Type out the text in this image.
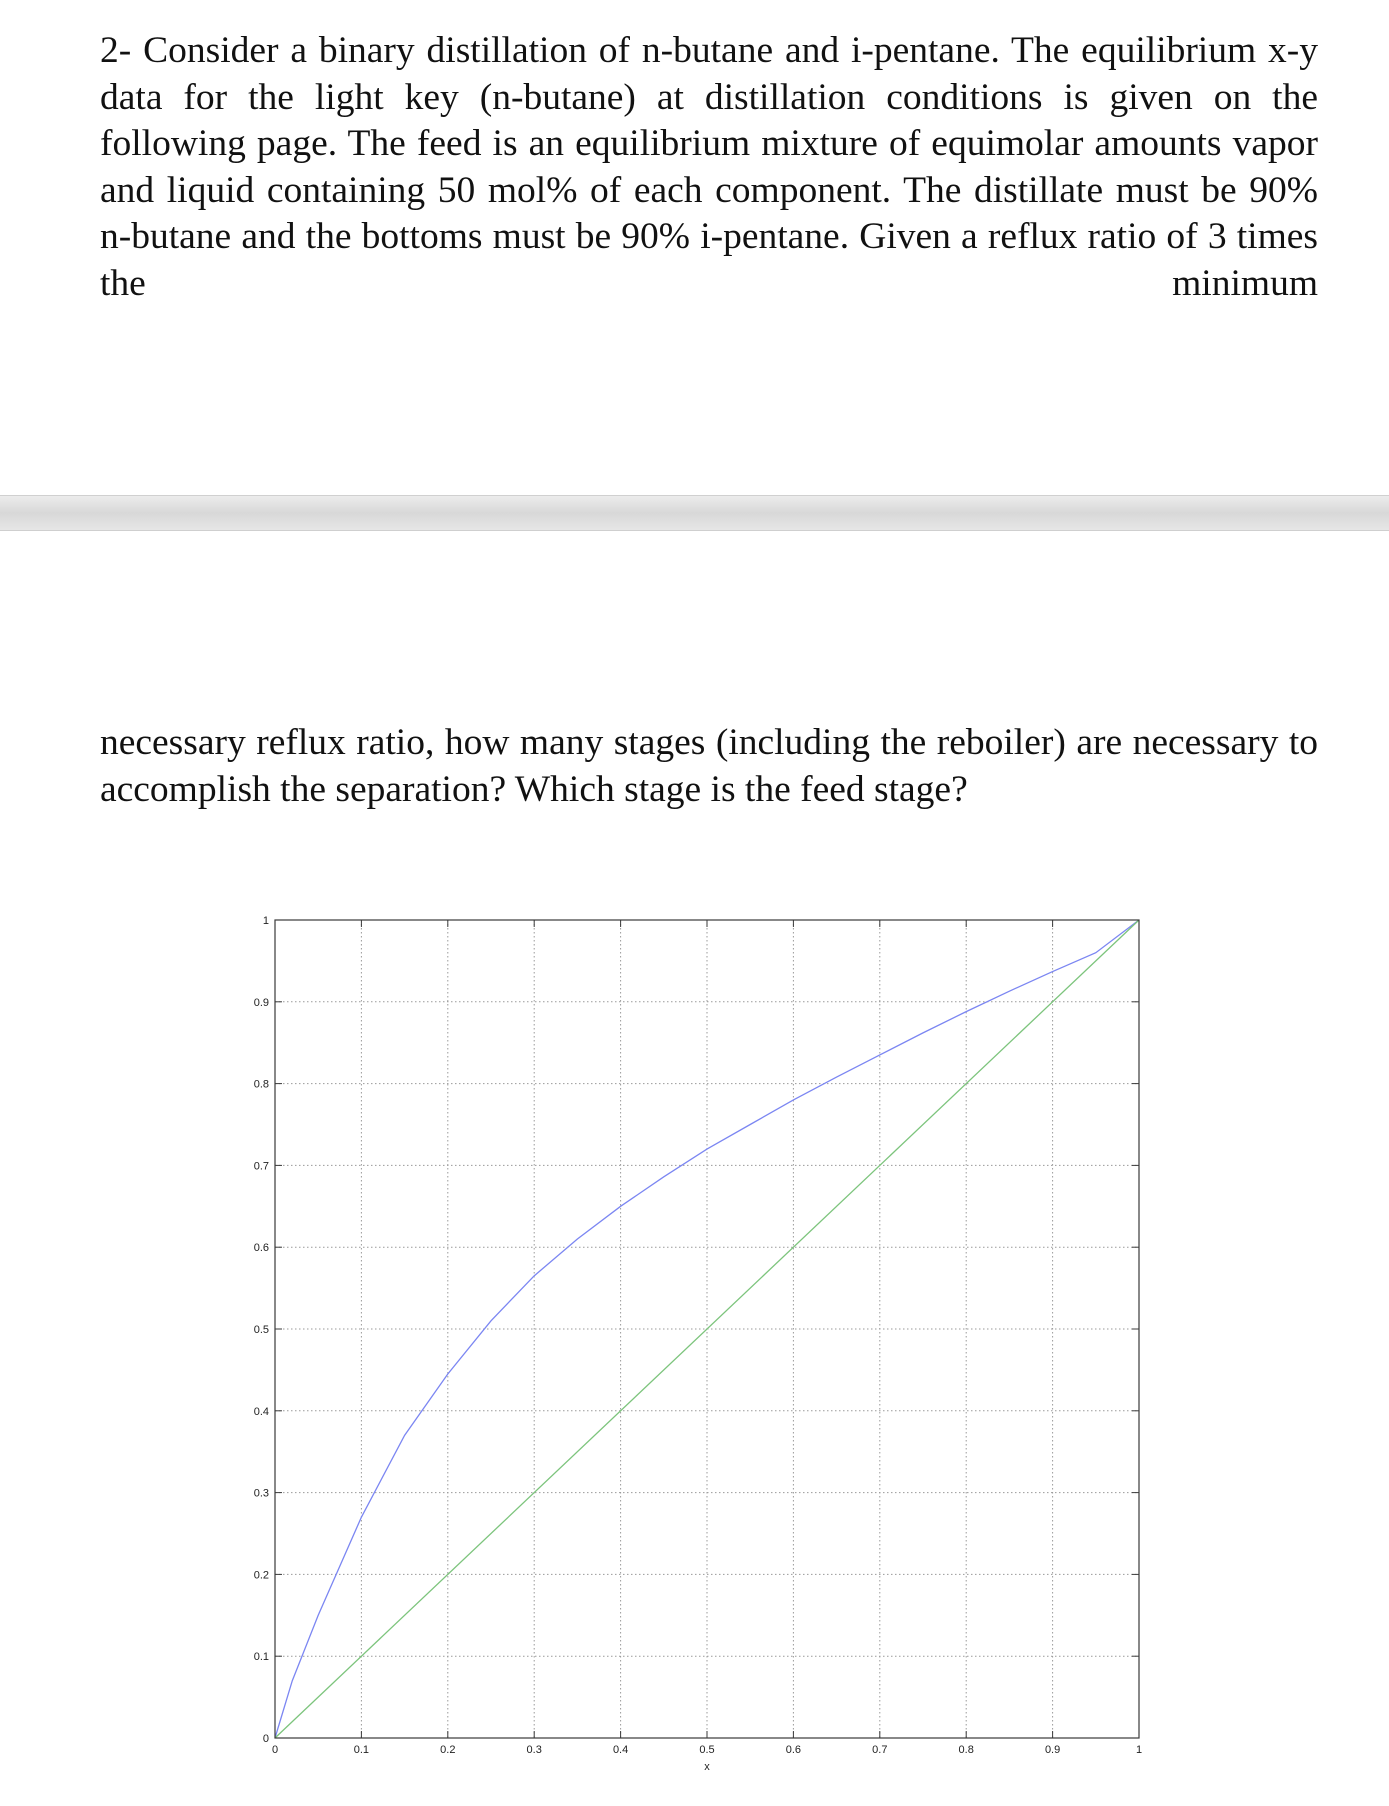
2- Consider a binary distillation of n-butane and i-pentane. The equilibrium x-y data for the light key (n-butane) at distillation conditions is given on the following page. The feed is an equilibrium mixture of equimolar amounts vapor and liquid containing 50 mol% of each component. The distillate must be 90% n-butane and the bottoms must be 90% i-pentane. Given a reflux ratio of 3 times the minimum
necessary reflux ratio, how many stages (including the reboiler) are necessary to accomplish the separation? Which stage is the feed stage?
0	0.1	0.2	0.3	0.4	0.5	0.6	0.7	0.8	0.9	1
0
0.1
0.2
0.3
0.4
0.5
0.6
0.7
0.8
0.9
1
x
